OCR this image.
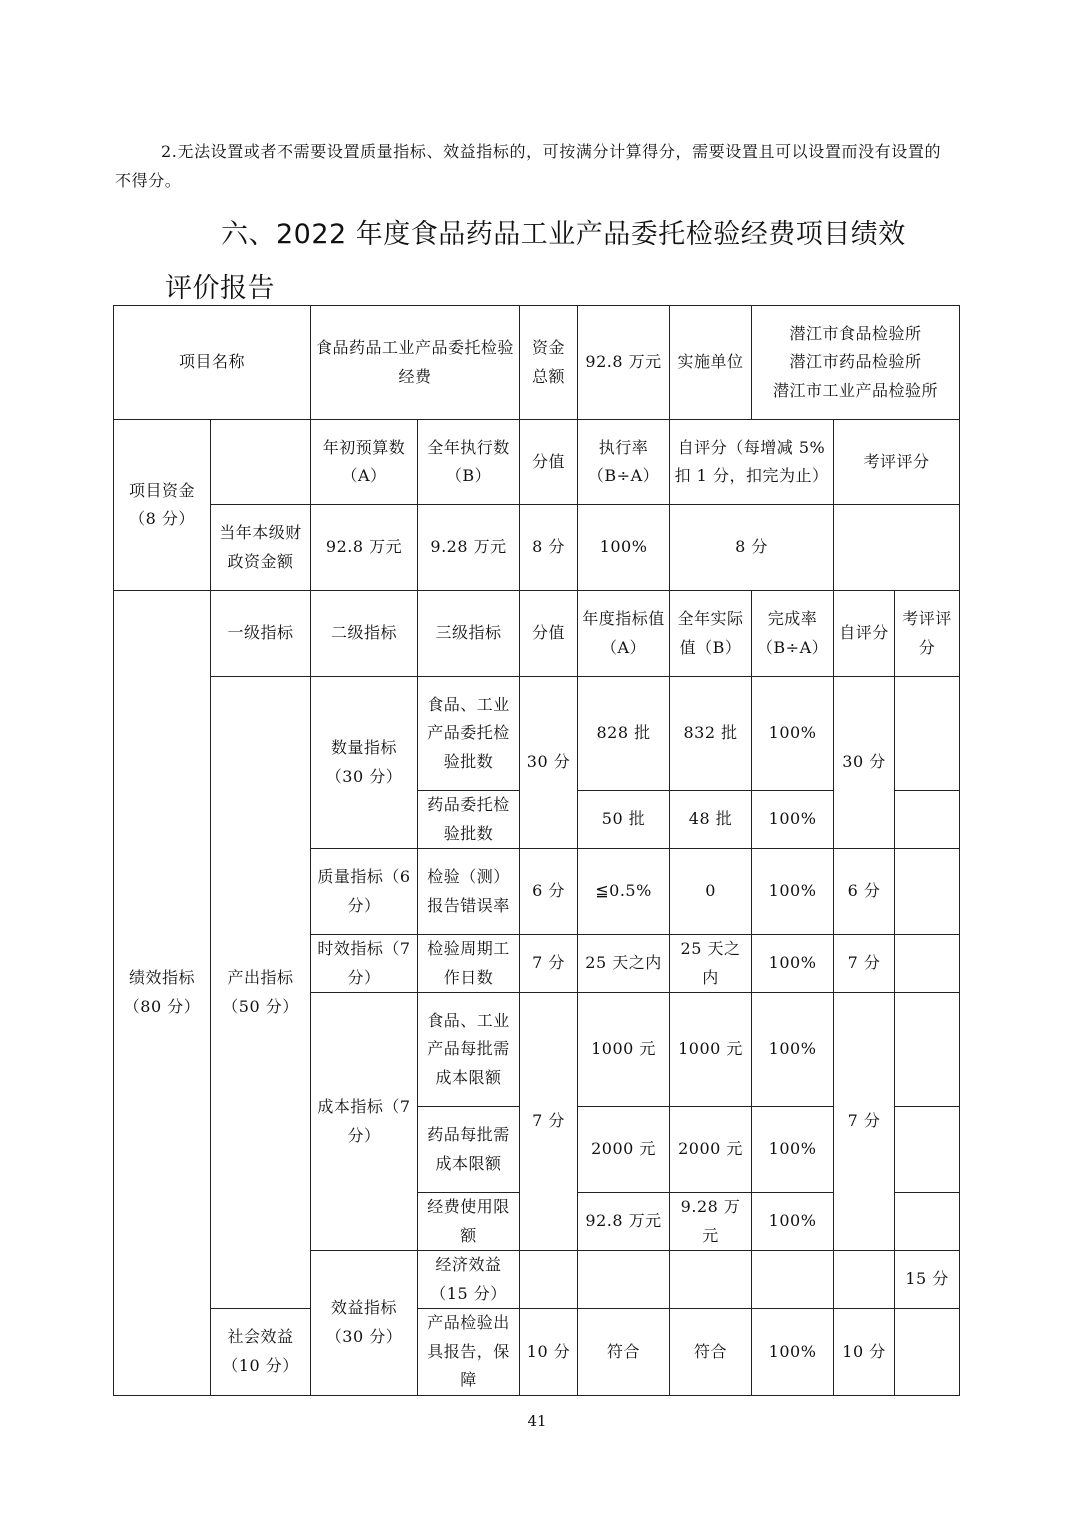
2.无法设置或者不需要设置质量指标、效益指标的，可按满分计算得分，需要设置且可以设置而没有设置的不得分。

六、2022 年度食品药品工业产品委托检验经费项目绩效
评价报告
项目名称		食品药品工业产品委托检验经费		资金总额	92.8 万元	实施单位	潜江市食品检验所
潜江市药品检验所
潜江市工业产品检验所			

项目资金（8 分）		年初预算数（A）	全年执行数（B）	分值	执行率（B÷A）	自评分（每增减 5%扣 1 分，扣完为止）		考评评分		
	当年本级财政资金额	92.8 万元	9.28 万元	8 分	100%	8 分				
绩效指标（80 分）	一级指标	二级指标	三级指标	分值	年度指标值（A）	全年实际值（B）	完成率（B÷A）	自评分	考评评分	
	产出指标（50 分）	数量指标（30 分）	食品、工业产品委托检验批数	30 分	828 批	832 批	100%	30 分		
			药品委托检验批数		50 批	48 批	100%			
		质量指标（6 分）	检验（测）报告错误率	6 分	≦0.5%	0	100%	6 分		
		时效指标（7 分）	检验周期工作日数	7 分	25 天之内	25 天之内	100%	7 分		
		成本指标（7 分）	食品、工业产品每批需成本限额	7 分	1000 元	1000 元	100%	7 分		
			药品每批需成本限额		2000 元	2000 元	100%			
			经费使用限额		92.8 万元	9.28 万元	100%			
		效益指标（30 分）	经济效益（15 分）						15 分	
	社会效益（10 分）		产品检验出具报告，保障	10 分	符合	符合	100%	10 分		

41
